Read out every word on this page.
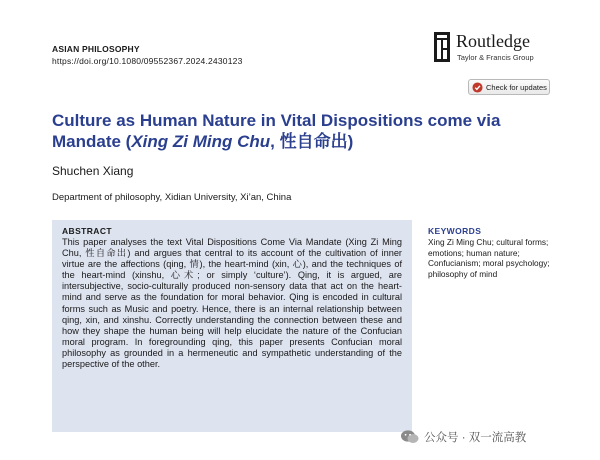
ASIAN PHILOSOPHY
https://doi.org/10.1080/09552367.2024.2430123
Routledge
Taylor & Francis Group
Check for updates
Culture as Human Nature in Vital Dispositions come via Mandate (Xing Zi Ming Chu, 性自命出)
Shuchen Xiang
Department of philosophy, Xidian University, Xi’an, China
ABSTRACT
This paper analyses the text Vital Dispositions Come Via Mandate (Xing Zi Ming Chu, 性自命出) and argues that central to its account of the cultivation of inner virtue are the affections (qing, 情), the heart-mind (xin, 心), and the techniques of the heart-mind (xinshu, 心术; or simply ‘culture’). Qing, it is argued, are intersubjective, socio-culturally produced non-sensory data that act on the heart-mind and serve as the foundation for moral behavior. Qing is encoded in cultural forms such as Music and poetry. Hence, there is an internal relationship between qing, xin, and xinshu. Correctly understanding the connection between these and how they shape the human being will help elucidate the nature of the Confucian moral program. In foregrounding qing, this paper presents Confucian moral philosophy as grounded in a hermeneutic and sympathetic understanding of the perspective of the other.
KEYWORDS
Xing Zi Ming Chu; cultural forms; emotions; human nature; Confucianism; moral psychology; philosophy of mind
公众号 · 双一流高教
